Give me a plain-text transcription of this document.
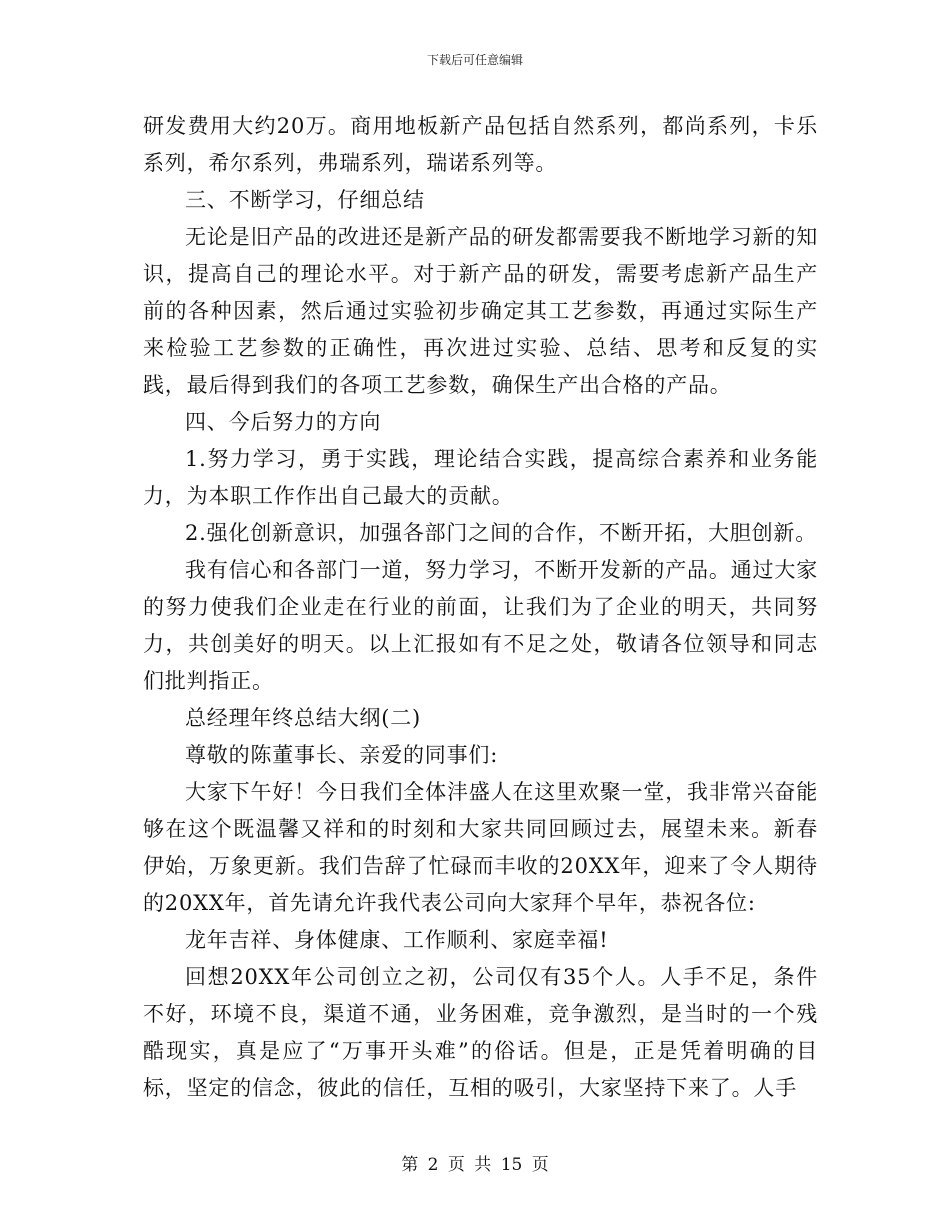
下载后可任意编辑

研发费用大约20万。商用地板新产品包括自然系列，都尚系列，卡乐系列，希尔系列，弗瑞系列，瑞诺系列等。

三、不断学习，仔细总结

无论是旧产品的改进还是新产品的研发都需要我不断地学习新的知识，提高自己的理论水平。对于新产品的研发，需要考虑新产品生产前的各种因素，然后通过实验初步确定其工艺参数，再通过实际生产来检验工艺参数的正确性，再次进过实验、总结、思考和反复的实践，最后得到我们的各项工艺参数，确保生产出合格的产品。

四、今后努力的方向

1.努力学习，勇于实践，理论结合实践，提高综合素养和业务能力，为本职工作作出自己最大的贡献。

2.强化创新意识，加强各部门之间的合作，不断开拓，大胆创新。

我有信心和各部门一道，努力学习，不断开发新的产品。通过大家的努力使我们企业走在行业的前面，让我们为了企业的明天，共同努力，共创美好的明天。以上汇报如有不足之处，敬请各位领导和同志们批判指正。

总经理年终总结大纲(二)

尊敬的陈董事长、亲爱的同事们:

大家下午好！今日我们全体沣盛人在这里欢聚一堂，我非常兴奋能够在这个既温馨又祥和的时刻和大家共同回顾过去，展望未来。新春伊始，万象更新。我们告辞了忙碌而丰收的20XX年，迎来了令人期待的20XX年，首先请允许我代表公司向大家拜个早年，恭祝各位:

龙年吉祥、身体健康、工作顺利、家庭幸福!

回想20XX年公司创立之初，公司仅有35个人。人手不足，条件不好，环境不良，渠道不通，业务困难，竞争激烈，是当时的一个残酷现实，真是应了“万事开头难”的俗话。但是，正是凭着明确的目标，坚定的信念，彼此的信任，互相的吸引，大家坚持下来了。人手

第 2 页 共 15 页
